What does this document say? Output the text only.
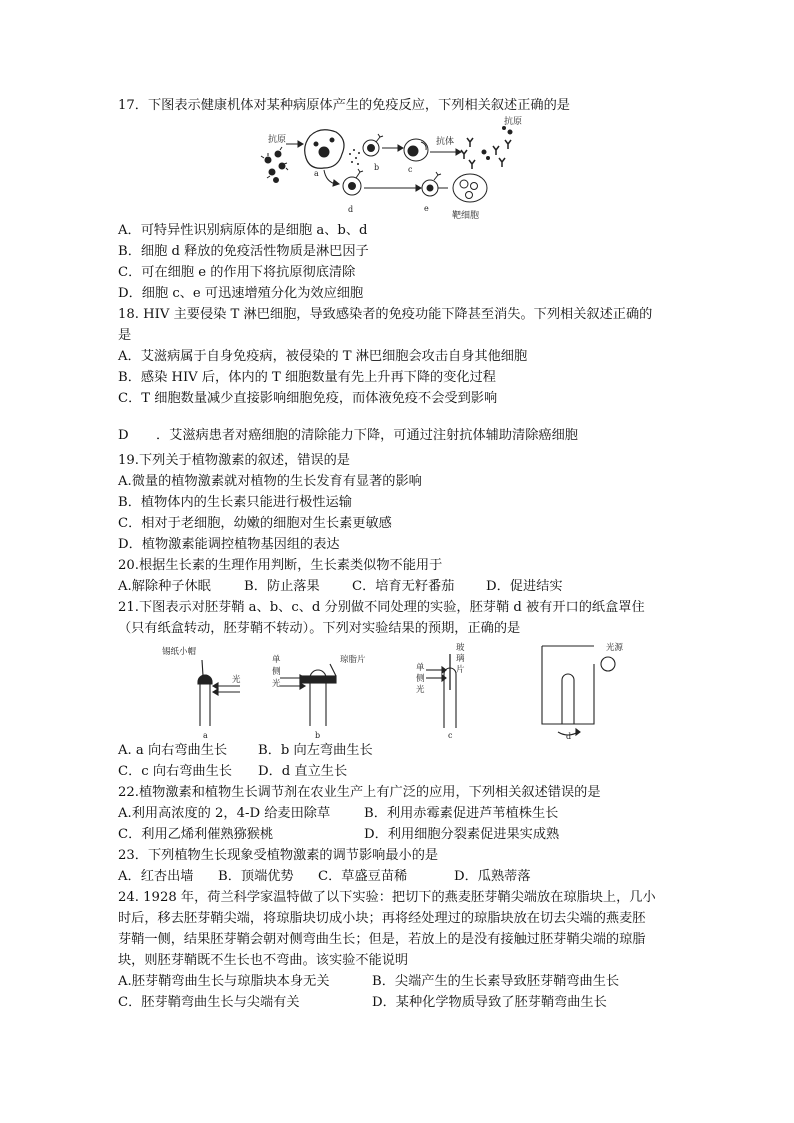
17．下图表示健康机体对某种病原体产生的免疫反应，下列相关叙述正确的是
抗原	抗体
抗原
a
b	c
d	e
靶细胞
A．可特异性识别病原体的是细胞 a、b、d
B．细胞 d 释放的免疫活性物质是淋巴因子
C．可在细胞 e 的作用下将抗原彻底清除
D．细胞 c、e 可迅速增殖分化为效应细胞
18. HIV 主要侵染 T 淋巴细胞，导致感染者的免疫功能下降甚至消失。下列相关叙述正确的
是
A．艾滋病属于自身免疫病，被侵染的 T 淋巴细胞会攻击自身其他细胞
B．感染 HIV 后，体内的 T 细胞数量有先上升再下降的变化过程
C．T 细胞数量减少直接影响细胞免疫，而体液免疫不会受到影响
D ．艾滋病患者对癌细胞的清除能力下降，可通过注射抗体辅助清除癌细胞
19.下列关于植物激素的叙述，错误的是
A.微量的植物激素就对植物的生长发育有显著的影响
B．植物体内的生长素只能进行极性运输
C．相对于老细胞，幼嫩的细胞对生长素更敏感
D．植物激素能调控植物基因组的表达
20.根据生长素的生理作用判断，生长素类似物不能用于
A.解除种子休眠	B．防止落果 C．培育无籽番茄 D．促进结实
21.下图表示对胚芽鞘 a、b、c、d 分别做不同处理的实验，胚芽鞘 d 被有开口的纸盒罩住
（只有纸盒转动，胚芽鞘不转动）。下列对实验结果的预期，正确的是
锡纸小帽
光
琼脂片
单
侧
光
玻
璃
片
单
侧
光
光源
a	b	c	d
A. a 向右弯曲生长 B．b 向左弯曲生长
C．c 向右弯曲生长 D．d 直立生长
22.植物激素和植物生长调节剂在农业生产上有广泛的应用，下列相关叙述错误的是
A.利用高浓度的 2，4-D 给麦田除草	B．利用赤霉素促进芦苇植株生长
C．利用乙烯利催熟猕猴桃	D．利用细胞分裂素促进果实成熟
23．下列植物生长现象受植物激素的调节影响最小的是
A．红杏出墙 B．顶端优势 C．草盛豆苗稀	D．瓜熟蒂落
24. 1928 年，荷兰科学家温特做了以下实验：把切下的燕麦胚芽鞘尖端放在琼脂块上，几小
时后，移去胚芽鞘尖端，将琼脂块切成小块；再将经处理过的琼脂块放在切去尖端的燕麦胚
芽鞘一侧，结果胚芽鞘会朝对侧弯曲生长；但是，若放上的是没有接触过胚芽鞘尖端的琼脂
块，则胚芽鞘既不生长也不弯曲。该实验不能说明
A.胚芽鞘弯曲生长与琼脂块本身无关	B．尖端产生的生长素导致胚芽鞘弯曲生长
C．胚芽鞘弯曲生长与尖端有关	D．某种化学物质导致了胚芽鞘弯曲生长
